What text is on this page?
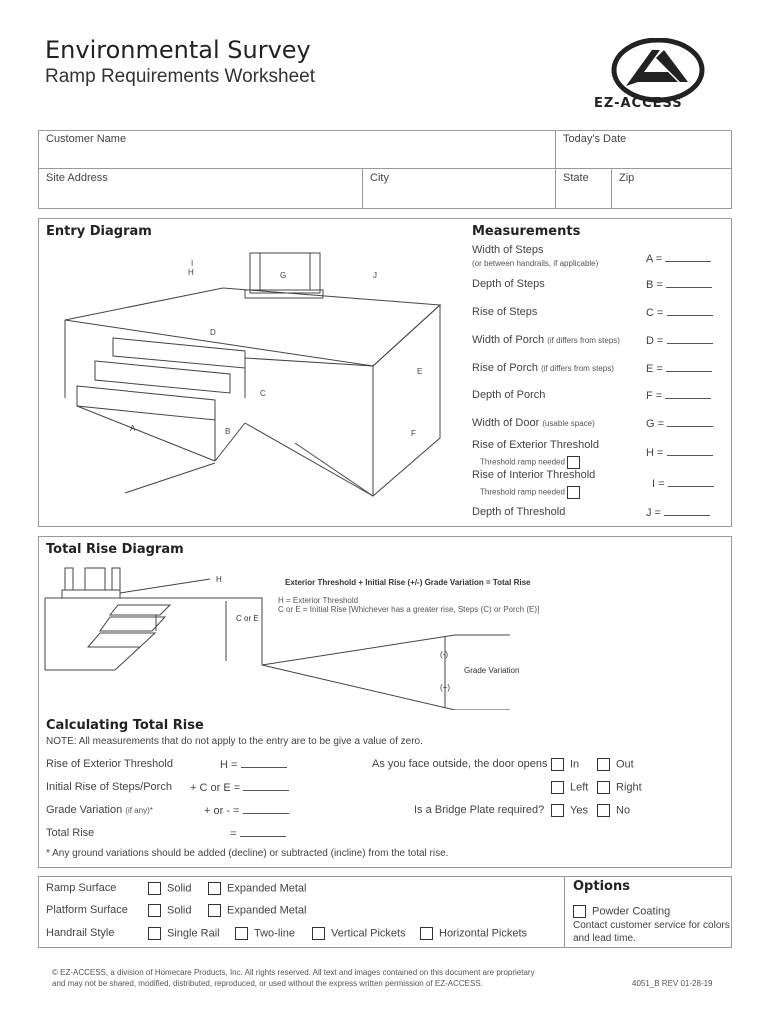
Environmental Survey
Ramp Requirements Worksheet
EZ-ACCESS
Customer Name	Today's Date
Site Address	City	State	Zip
Entry Diagram
I
H	G	J
D
E
C
A	B	F
Measurements
Width of Steps
(or between handrails, if applicable)	A =
Depth of Steps	B =
Rise of Steps	C =
Width of Porch (if differs from steps) D =
Rise of Porch (if differs from steps)	E =
Depth of Porch	F =
Width of Door (usable space)	G =
Rise of Exterior Threshold
Threshold ramp needed
H =
Rise of Interior Threshold
Threshold ramp needed
I =
Depth of Threshold	J =
Total Rise Diagram
H
C or E
(-)
(+)
Grade Variation
Exterior Threshold + Initial Rise (+/-) Grade Variation = Total Rise
H = Exterior Threshold
C or E = Initial Rise [Whichever has a greater rise, Steps (C) or Porch (E)]
Calculating Total Rise
NOTE: All measurements that do not apply to the entry are to be give a value of zero.
Rise of Exterior Threshold	H =
Initial Rise of Steps/Porch + C or E =
Grade Variation (if any)*	+ or - =
Total Rise	=
As you face outside, the door opens	In	Out
Left	Right
Is a Bridge Plate required?	Yes	No
* Any ground variations should be added (decline) or subtracted (incline) from the total rise.
Ramp Surface	Solid	Expanded Metal
Platform Surface	Solid	Expanded Metal
Handrail Style	Single Rail	Two-line	Vertical Pickets	Horizontal Pickets
Options
Powder Coating
Contact customer service for colors
and lead time.
© EZ-ACCESS, a division of Homecare Products, Inc. All rights reserved. All text and images contained on this document are proprietary
and may not be shared, modified, distributed, reproduced, or used without the express written permission of EZ-ACCESS.	4051_B REV 01-28-19
